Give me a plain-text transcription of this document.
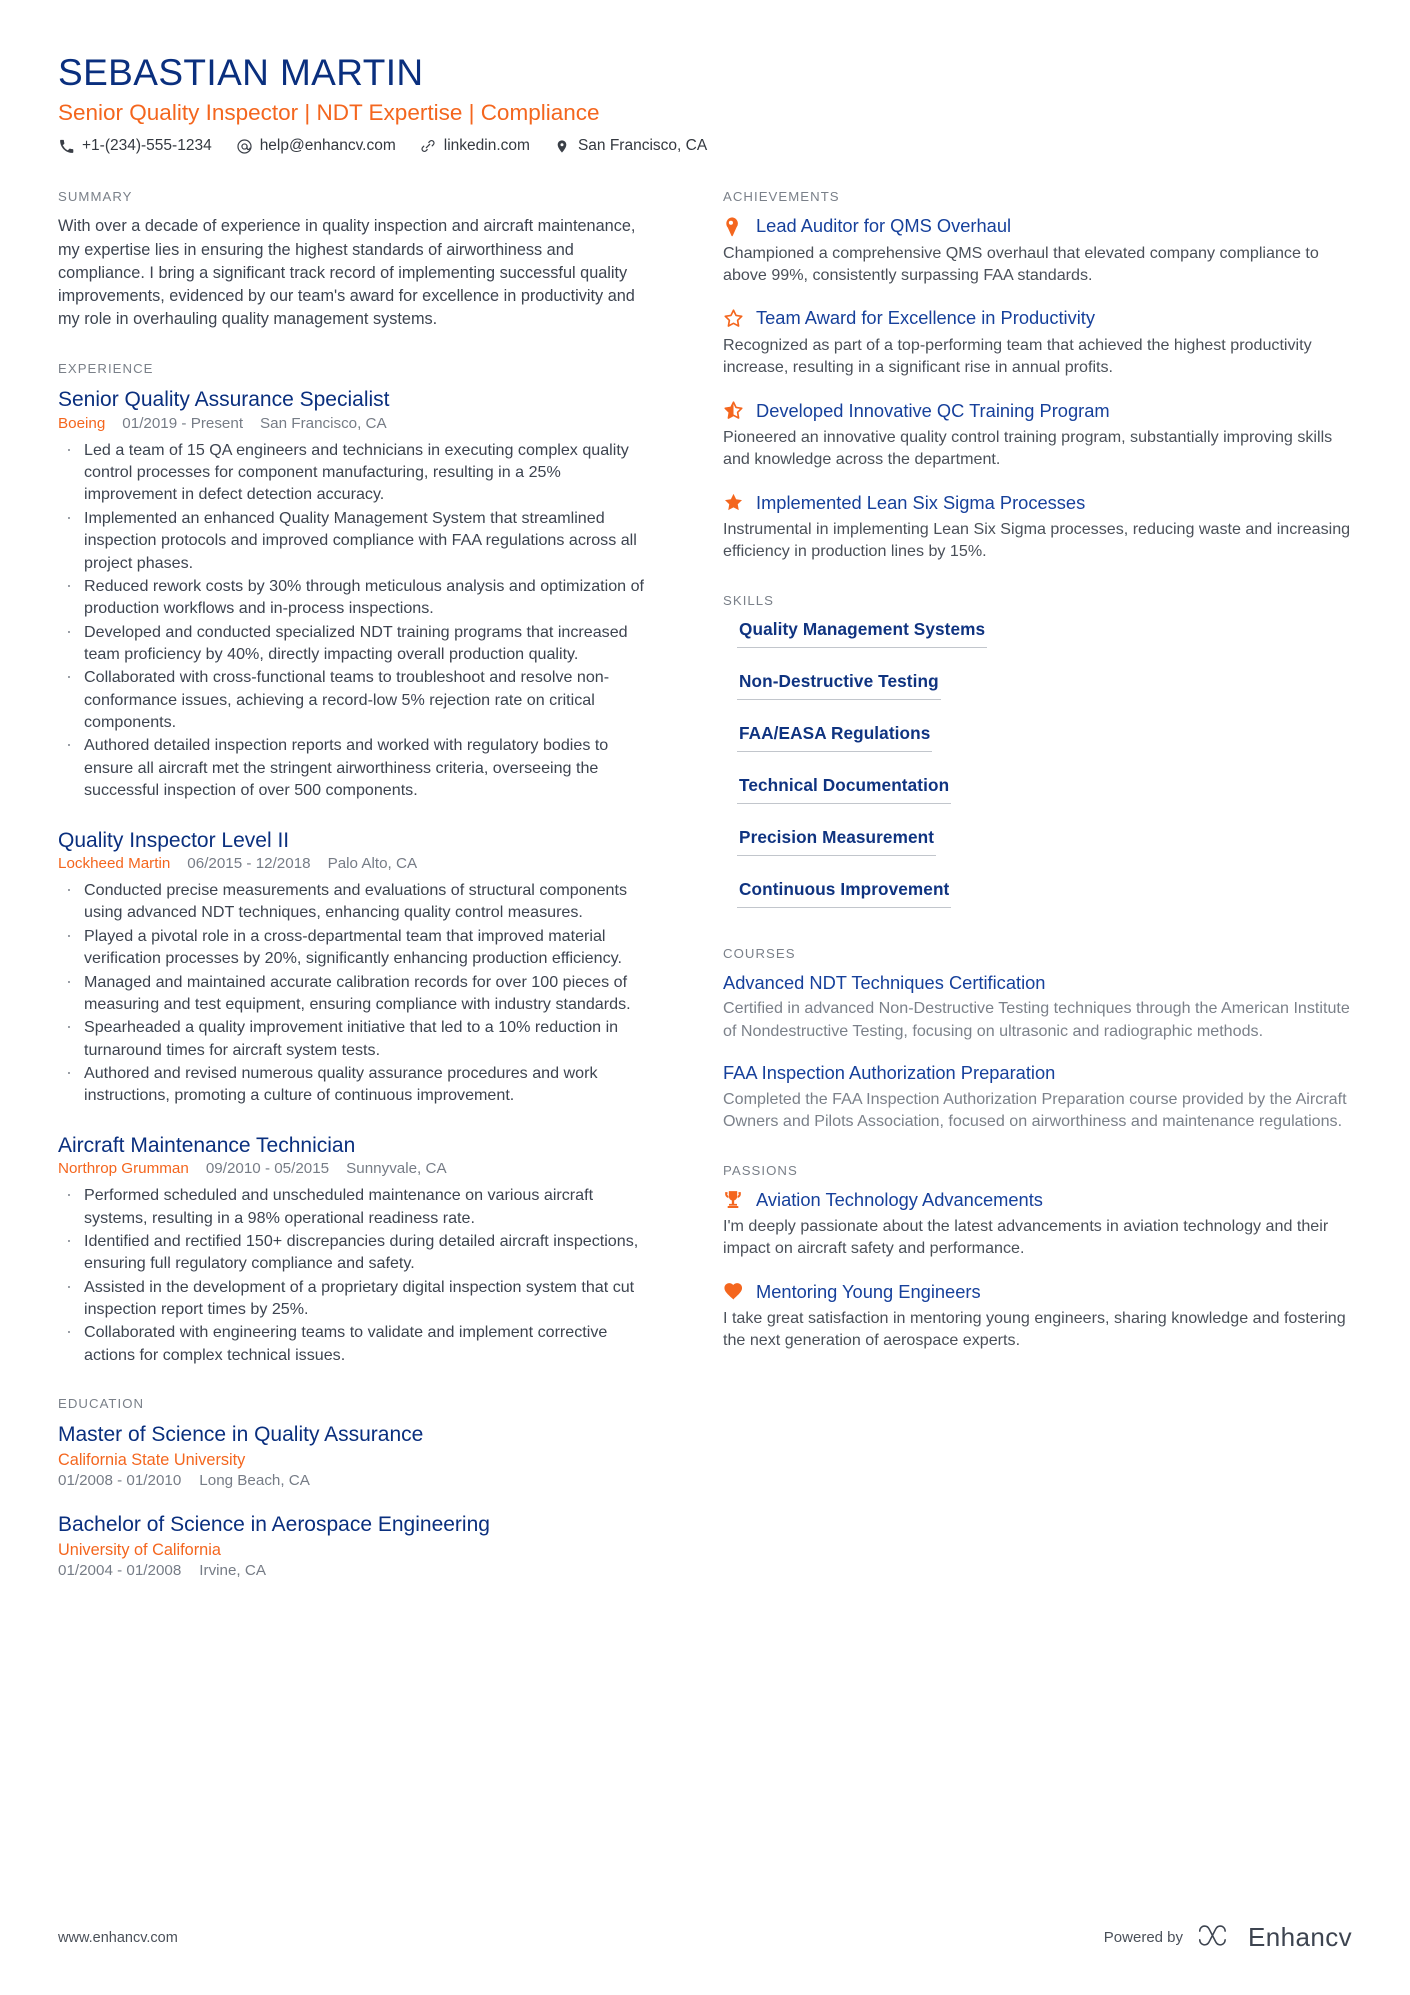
SEBASTIAN MARTIN
Senior Quality Inspector | NDT Expertise | Compliance
+1-(234)-555-1234	help@enhancv.com	linkedin.com	San Francisco, CA
SUMMARY
With over a decade of experience in quality inspection and aircraft maintenance, my expertise lies in ensuring the highest standards of airworthiness and compliance. I bring a significant track record of implementing successful quality improvements, evidenced by our team's award for excellence in productivity and my role in overhauling quality management systems.
EXPERIENCE
Senior Quality Assurance Specialist
Boeing 01/2019 - Present San Francisco, CA
· Led a team of 15 QA engineers and technicians in executing complex quality control processes for component manufacturing, resulting in a 25% improvement in defect detection accuracy.
· Implemented an enhanced Quality Management System that streamlined inspection protocols and improved compliance with FAA regulations across all project phases.
· Reduced rework costs by 30% through meticulous analysis and optimization of production workflows and in-process inspections.
· Developed and conducted specialized NDT training programs that increased team proficiency by 40%, directly impacting overall production quality.
· Collaborated with cross-functional teams to troubleshoot and resolve non-conformance issues, achieving a record-low 5% rejection rate on critical components.
· Authored detailed inspection reports and worked with regulatory bodies to ensure all aircraft met the stringent airworthiness criteria, overseeing the successful inspection of over 500 components.
Quality Inspector Level II
Lockheed Martin 06/2015 - 12/2018 Palo Alto, CA
· Conducted precise measurements and evaluations of structural components using advanced NDT techniques, enhancing quality control measures.
· Played a pivotal role in a cross-departmental team that improved material verification processes by 20%, significantly enhancing production efficiency.
· Managed and maintained accurate calibration records for over 100 pieces of measuring and test equipment, ensuring compliance with industry standards.
· Spearheaded a quality improvement initiative that led to a 10% reduction in turnaround times for aircraft system tests.
· Authored and revised numerous quality assurance procedures and work instructions, promoting a culture of continuous improvement.
Aircraft Maintenance Technician
Northrop Grumman 09/2010 - 05/2015 Sunnyvale, CA
· Performed scheduled and unscheduled maintenance on various aircraft systems, resulting in a 98% operational readiness rate.
· Identified and rectified 150+ discrepancies during detailed aircraft inspections, ensuring full regulatory compliance and safety.
· Assisted in the development of a proprietary digital inspection system that cut inspection report times by 25%.
· Collaborated with engineering teams to validate and implement corrective actions for complex technical issues.
EDUCATION
Master of Science in Quality Assurance
California State University
01/2008 - 01/2010 Long Beach, CA
Bachelor of Science in Aerospace Engineering
University of California
01/2004 - 01/2008 Irvine, CA
ACHIEVEMENTS
Lead Auditor for QMS Overhaul
Championed a comprehensive QMS overhaul that elevated company compliance to above 99%, consistently surpassing FAA standards.
Team Award for Excellence in Productivity
Recognized as part of a top-performing team that achieved the highest productivity increase, resulting in a significant rise in annual profits.
Developed Innovative QC Training Program
Pioneered an innovative quality control training program, substantially improving skills and knowledge across the department.
Implemented Lean Six Sigma Processes
Instrumental in implementing Lean Six Sigma processes, reducing waste and increasing efficiency in production lines by 15%.
SKILLS
Quality Management Systems
Non-Destructive Testing
FAA/EASA Regulations
Technical Documentation
Precision Measurement
Continuous Improvement
COURSES
Advanced NDT Techniques Certification
Certified in advanced Non-Destructive Testing techniques through the American Institute of Nondestructive Testing, focusing on ultrasonic and radiographic methods.
FAA Inspection Authorization Preparation
Completed the FAA Inspection Authorization Preparation course provided by the Aircraft Owners and Pilots Association, focused on airworthiness and maintenance regulations.
PASSIONS
Aviation Technology Advancements
I'm deeply passionate about the latest advancements in aviation technology and their impact on aircraft safety and performance.
Mentoring Young Engineers
I take great satisfaction in mentoring young engineers, sharing knowledge and fostering the next generation of aerospace experts.
www.enhancv.com	Powered by	Enhancv
